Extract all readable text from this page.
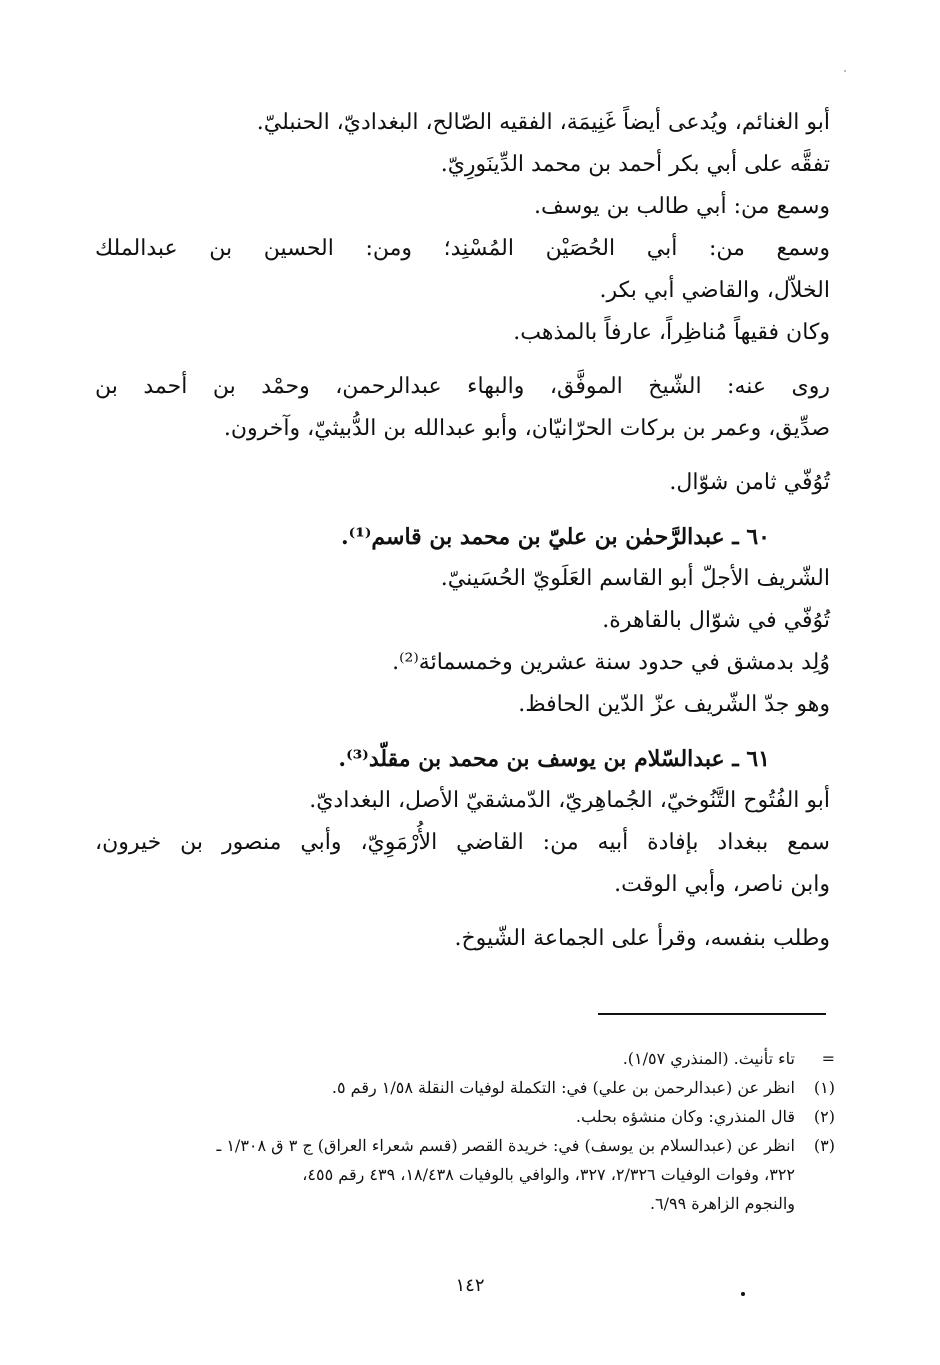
أبو الغنائم، ويُدعى أيضاً غَنِيمَة، الفقيه الصّالح، البغداديّ، الحنبليّ.
تفقَّه على أبي بكر أحمد بن محمد الدِّينَورِيّ.
وسمع من: أبي طالب بن يوسف.
وسمع من: أبي الحُصَيْن المُسْنِد؛ ومن: الحسين بن عبدالملك
الخلاّل، والقاضي أبي بكر.
وكان فقيهاً مُناظِراً، عارفاً بالمذهب.
روى عنه: الشّيخ الموفَّق، والبهاء عبدالرحمن، وحمْد بن أحمد بن
صدِّيق، وعمر بن بركات الحرّانيّان، وأبو عبدالله بن الدُّبيثيّ، وآخرون.
تُوُفّي ثامن شوّال.
٦٠ ـ عبدالرَّحمٰن بن عليّ بن محمد بن قاسم⁽¹⁾.
الشّريف الأجلّ أبو القاسم العَلَويّ الحُسَينيّ.
تُوُفّي في شوّال بالقاهرة.
وُلِد بدمشق في حدود سنة عشرين وخمسمائة⁽²⁾.
وهو جدّ الشّريف عزّ الدّين الحافظ.
٦١ ـ عبدالسّلام بن يوسف بن محمد بن مقلّد⁽³⁾.
أبو الفُتُوح التَّنُوخيّ، الجُماهِريّ، الدّمشقيّ الأصل، البغداديّ.
سمع ببغداد بإفادة أبيه من: القاضي الأُرْمَوِيّ، وأبي منصور بن خيرون،
وابن ناصر، وأبي الوقت.
وطلب بنفسه، وقرأ على الجماعة الشّيوخ.
=
تاء تأنيث. (المنذري ١/٥٧).
(١)
انظر عن (عبدالرحمن بن علي) في: التكملة لوفيات النقلة ١/٥٨ رقم ٥.
(٢)
قال المنذري: وكان منشؤه بحلب.
(٣)
انظر عن (عبدالسلام بن يوسف) في: خريدة القصر (قسم شعراء العراق) ج ٣ ق ١/٣٠٨ ـ
٣٢٢، وفوات الوفيات ٢/٣٢٦، ٣٢٧، والوافي بالوفيات ١٨/٤٣٨، ٤٣٩ رقم ٤٥٥،
والنجوم الزاهرة ٦/٩٩.
١٤٢
